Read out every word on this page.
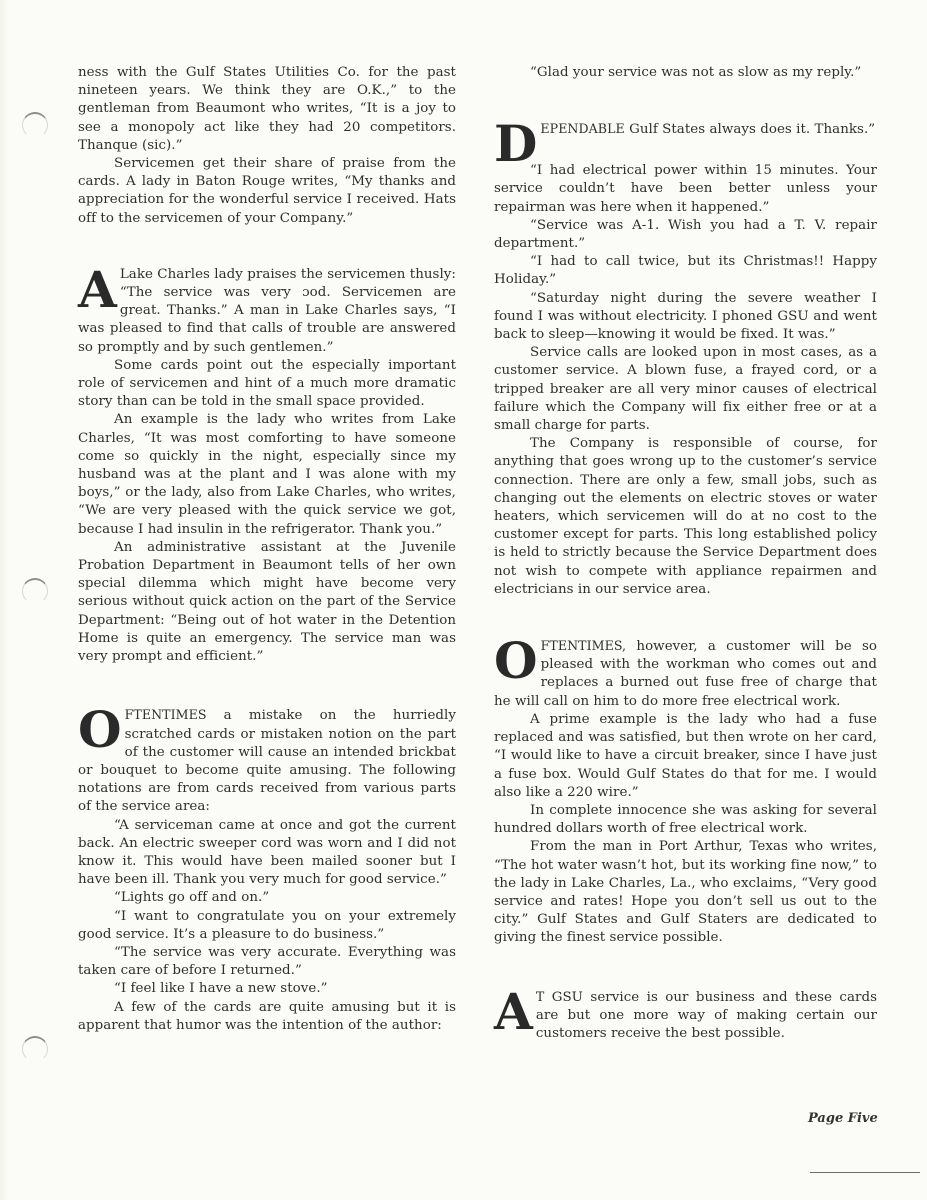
ness with the Gulf States Utilities Co. for the past nineteen years. We think they are O.K.,” to the gentleman from Beaumont who writes, “It is a joy to see a monopoly act like they had 20 competitors. Thanque (sic).”

Servicemen get their share of praise from the cards. A lady in Baton Rouge writes, “My thanks and appreciation for the wonderful service I received. Hats off to the servicemen of your Company.”

A Lake Charles lady praises the servicemen thusly: “The service was very ɔod. Servicemen are great. Thanks.” A man in Lake Charles says, “I was pleased to find that calls of trouble are answered so promptly and by such gentlemen.”

Some cards point out the especially important role of servicemen and hint of a much more dramatic story than can be told in the small space provided.

An example is the lady who writes from Lake Charles, “It was most comforting to have someone come so quickly in the night, especially since my husband was at the plant and I was alone with my boys,” or the lady, also from Lake Charles, who writes, “We are very pleased with the quick service we got, because I had insulin in the refrigerator. Thank you.”

An administrative assistant at the Juvenile Probation Department in Beaumont tells of her own special dilemma which might have become very serious without quick action on the part of the Service Department: “Being out of hot water in the Detention Home is quite an emergency. The service man was very prompt and efficient.”

OFTENTIMES a mistake on the hurriedly scratched cards or mistaken notion on the part of the customer will cause an intended brickbat or bouquet to become quite amusing. The following notations are from cards received from various parts of the service area:

“A serviceman came at once and got the current back. An electric sweeper cord was worn and I did not know it. This would have been mailed sooner but I have been ill. Thank you very much for good service.”

“Lights go off and on.”

“I want to congratulate you on your extremely good service. It’s a pleasure to do business.”

“The service was very accurate. Everything was taken care of before I returned.”

“I feel like I have a new stove.”

A few of the cards are quite amusing but it is apparent that humor was the intention of the author:

“Glad your service was not as slow as my reply.”

DEPENDABLE Gulf States always does it. Thanks.”

“I had electrical power within 15 minutes. Your service couldn’t have been better unless your repairman was here when it happened.”

“Service was A-1. Wish you had a T. V. repair department.”

“I had to call twice, but its Christmas!! Happy Holiday.”

“Saturday night during the severe weather I found I was without electricity. I phoned GSU and went back to sleep—knowing it would be fixed. It was.”

Service calls are looked upon in most cases, as a customer service. A blown fuse, a frayed cord, or a tripped breaker are all very minor causes of electrical failure which the Company will fix either free or at a small charge for parts.

The Company is responsible of course, for anything that goes wrong up to the customer’s service connection. There are only a few, small jobs, such as changing out the elements on electric stoves or water heaters, which servicemen will do at no cost to the customer except for parts. This long established policy is held to strictly because the Service Department does not wish to compete with appliance repairmen and electricians in our service area.

OFTENTIMES, however, a customer will be so pleased with the workman who comes out and replaces a burned out fuse free of charge that he will call on him to do more free electrical work.

A prime example is the lady who had a fuse replaced and was satisfied, but then wrote on her card, “I would like to have a circuit breaker, since I have just a fuse box. Would Gulf States do that for me. I would also like a 220 wire.”

In complete innocence she was asking for several hundred dollars worth of free electrical work.

From the man in Port Arthur, Texas who writes, “The hot water wasn’t hot, but its working fine now,” to the lady in Lake Charles, La., who exclaims, “Very good service and rates! Hope you don’t sell us out to the city.” Gulf States and Gulf Staters are dedicated to giving the finest service possible.

A T GSU service is our business and these cards are but one more way of making certain our customers receive the best possible.

Page Five
